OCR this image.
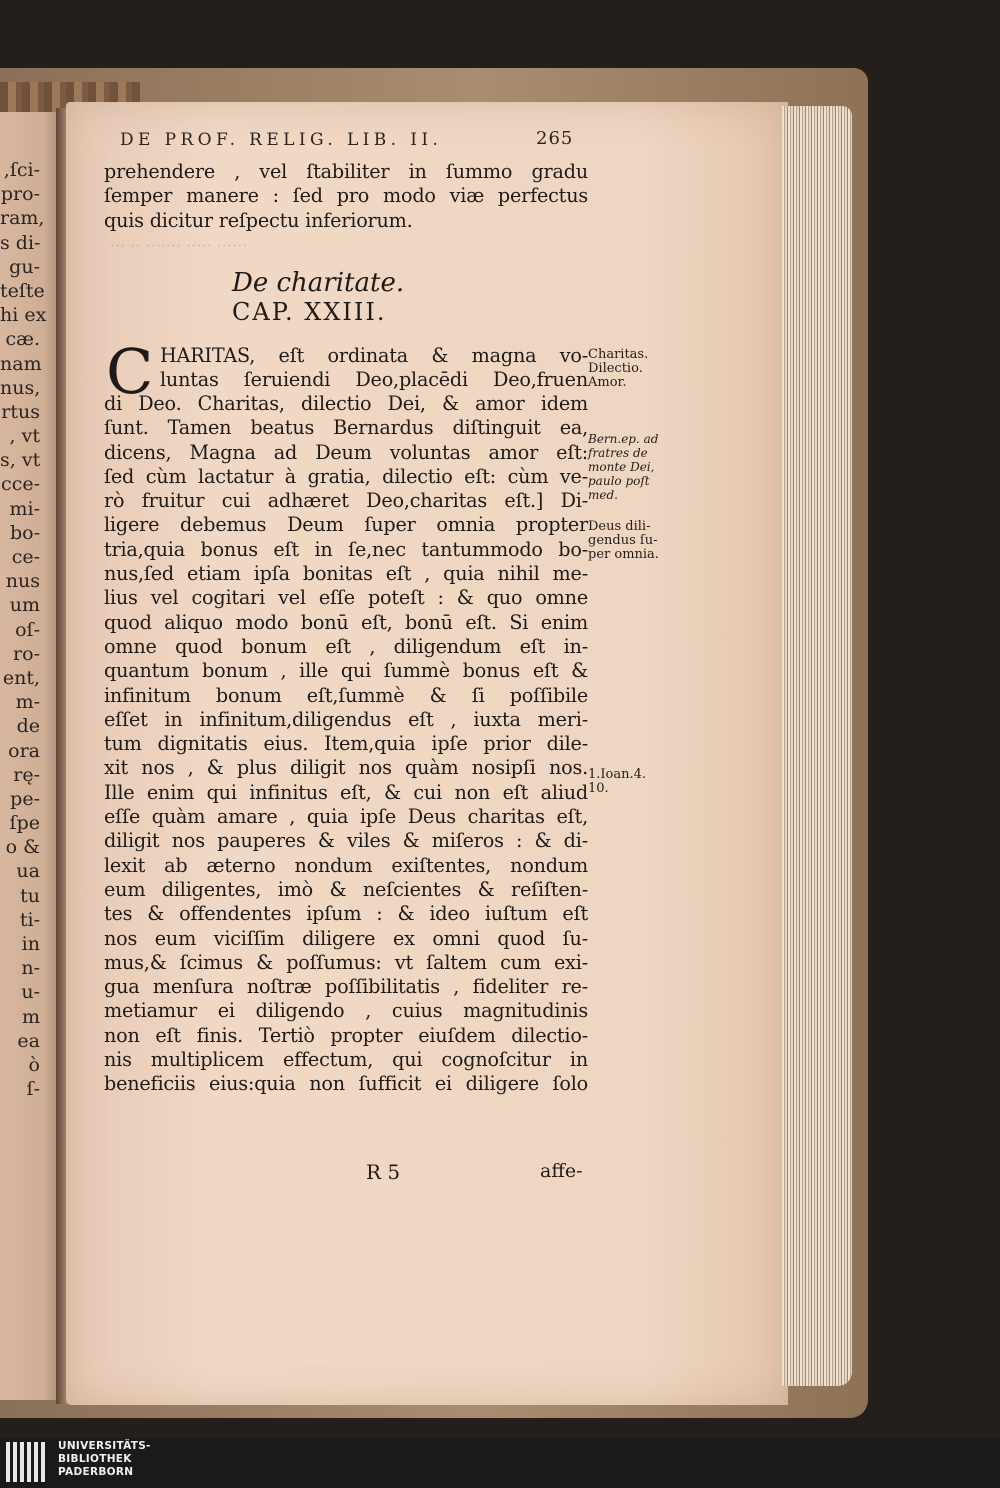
,ſci-
pro-
ram,
s di-
gu-
teſte
hi ex
cæ.
nam
nus,
rtus
, vt
s, vt
cce-
mi-
bo-
ce-
nus
um
oſ-
ro-
ent,
m-
de
ora
rę-
pe-
ſpe
o &
ua
tu
ti-
in
n-
u-
m
ea
ò
ſ-
DE PROF. RELIG. LIB. II.	265
prehendere , vel ſtabiliter in ſummo gradu
ſemper manere : ſed pro modo viæ perfectus
quis dicitur reſpectu inferiorum.
··· ·· ······· ····· ······
De charitate.
CAP. XXIII.
C HARITAS, eſt ordinata & magna vo-
luntas ſeruiendi Deo,placēdi Deo,fruen
di Deo. Charitas, dilectio Dei, & amor idem
ſunt. Tamen beatus Bernardus diſtinguit ea,
dicens, Magna ad Deum voluntas amor eſt:
ſed cùm lactatur à gratia, dilectio eſt: cùm ve-
rò fruitur cui adhæret Deo,charitas eſt.] Di-
ligere debemus Deum ſuper omnia propter
tria,quia bonus eſt in ſe,nec tantummodo bo-
nus,ſed etiam ipſa bonitas eſt , quia nihil me-
lius vel cogitari vel eſſe poteſt : & quo omne
quod aliquo modo bonū eſt, bonū eſt. Si enim
omne quod bonum eſt , diligendum eſt in-
quantum bonum , ille qui ſummè bonus eſt &
infinitum bonum eſt,ſummè & ſi poſſibile
eſſet in infinitum,diligendus eſt , iuxta meri-
tum dignitatis eius. Item,quia ipſe prior dile-
xit nos , & plus diligit nos quàm nosipſi nos.
Ille enim qui infinitus eſt, & cui non eſt aliud
eſſe quàm amare , quia ipſe Deus charitas eſt,
diligit nos pauperes & viles & miſeros : & di-
lexit ab æterno nondum exiſtentes, nondum
eum diligentes, imò & neſcientes & reſiſten-
tes & offendentes ipſum : & ideo iuſtum eſt
nos eum viciſſim diligere ex omni quod ſu-
mus,& ſcimus & poſſumus: vt ſaltem cum exi-
gua menſura noſtræ poſſibilitatis , fideliter re-
metiamur ei diligendo , cuius magnitudinis
non eſt finis. Tertiò propter eiuſdem dilectio-
nis multiplicem effectum, qui cognoſcitur in
beneficiis eius:quia non ſufficit ei diligere ſolo
Charitas.
Dilectio.
Amor.
Bern.ep. ad
fratres de
monte Dei,
paulo poſt
med.
Deus dili-
gendus ſu-
per omnia.
1.Ioan.4.
10.
R 5	affe-
UNIVERSITÄTS-
BIBLIOTHEK
PADERBORN
